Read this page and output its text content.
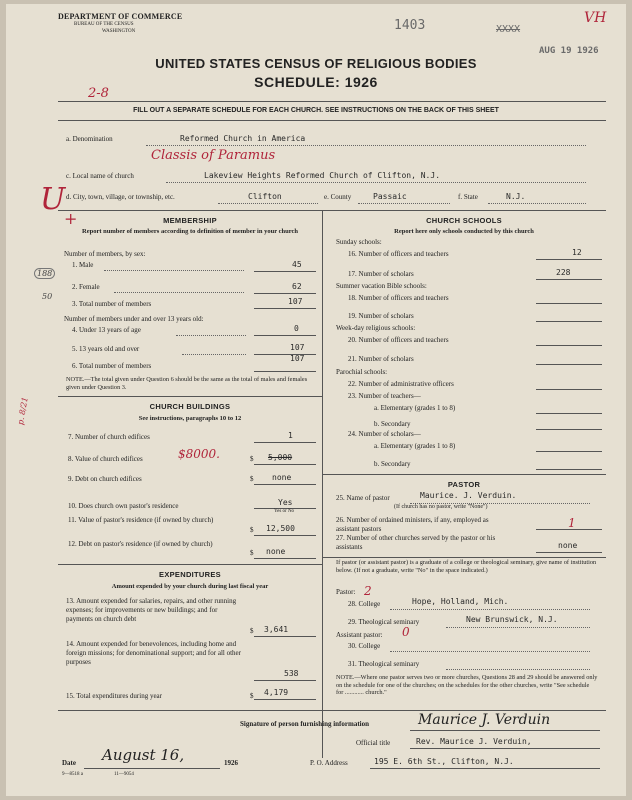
DEPARTMENT OF COMMERCE
BUREAU OF THE CENSUS
WASHINGTON	1403	XXXX
VH
AUG 19 1926
UNITED STATES CENSUS OF RELIGIOUS BODIES
SCHEDULE: 1926
2-8
FILL OUT A SEPARATE SCHEDULE FOR EACH CHURCH. SEE INSTRUCTIONS ON THE BACK OF THIS SHEET
a. Denomination	Reformed Church in America
Classis of Paramus
U
+
c. Local name of church	Lakeview Heights Reformed Church of Clifton, N.J.
d. City, town, village, or township, etc.	Clifton	e. County	Passaic	f. State	N.J.
MEMBERSHIP
Report number of members according to definition of member in your church
Number of members, by sex:
1. Male	45
2. Female	62
3. Total number of members	107
188
50
Number of members under and over 13 years old:
4. Under 13 years of age	0
5. 13 years old and over	107
6. Total number of members
107
NOTE.—The total given under Question 6 should be the same as the total of males and females given under Question 3.
CHURCH BUILDINGS
See instructions, paragraphs 10 to 12
7. Number of church edifices	1
8. Value of church edifices	$8000.	$ 5,000
9. Debt on church edifices	$ none
p. 8/21
10. Does church own pastor's residence	Yes
Yes or No
11. Value of pastor's residence (if owned by church)
$ 12,500
12. Debt on pastor's residence (if owned by church)
$ none
EXPENDITURES
Amount expended by your church during last fiscal year
13. Amount expended for salaries, repairs, and other running expenses; for improvements or new buildings; and for payments on church debt
$ 3,641
14. Amount expended for benevolences, including home and foreign missions; for denominational support; and for all other purposes
538
15. Total expenditures during year	$ 4,179
CHURCH SCHOOLS
Report here only schools conducted by this church
Sunday schools:
16. Number of officers and teachers	12
17. Number of scholars	228
Summer vacation Bible schools:
18. Number of officers and teachers
19. Number of scholars
Week-day religious schools:
20. Number of officers and teachers
21. Number of scholars
Parochial schools:
22. Number of administrative officers
23. Number of teachers—
a. Elementary (grades 1 to 8)
b. Secondary
24. Number of scholars—
a. Elementary (grades 1 to 8)
b. Secondary
PASTOR
25. Name of pastor	Maurice. J. Verduin.
(If church has no pastor, write "None")
26. Number of ordained ministers, if any, employed as assistant pastors	1
27. Number of other churches served by the pastor or his assistants	none
If pastor (or assistant pastor) is a graduate of a college or theological seminary, give name of institution below. (If not a graduate, write "No" in the space indicated.)
Pastor: 2
28. College	Hope, Holland, Mich.
29. Theological seminary	New Brunswick, N.J.
Assistant pastor: 0
30. College
31. Theological seminary
NOTE.—Where one pastor serves two or more churches, Questions 28 and 29 should be answered only on the schedule for one of the churches; on the schedules for the other churches, write "See schedule for ............ church."
Signature of person furnishing information	Maurice J. Verduin
Official title	Rev. Maurice J. Verduin,
Date August 16,	1926
9—8518 a	11—9054
P. O. Address	195 E. 6th St., Clifton, N.J.
